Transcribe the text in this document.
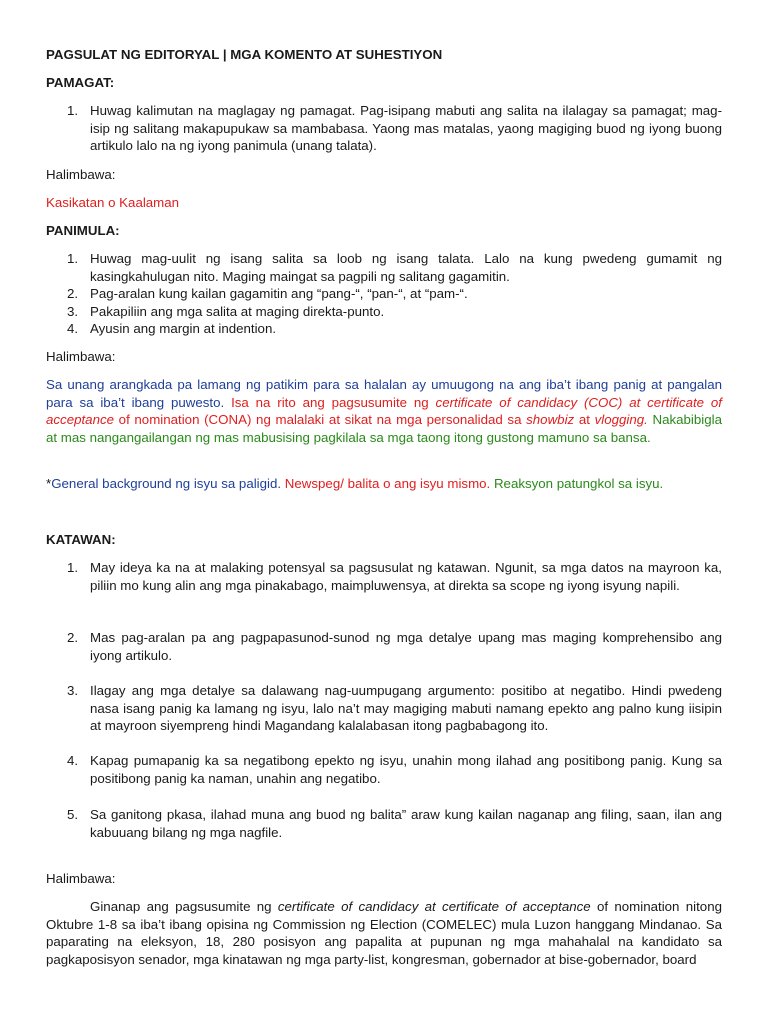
PAGSULAT NG EDITORYAL | MGA KOMENTO AT SUHESTIYON

PAMAGAT:

1. Huwag kalimutan na maglagay ng pamagat. Pag-isipang mabuti ang salita na ilalagay sa pamagat; mag-isip ng salitang makapupukaw sa mambabasa. Yaong mas matalas, yaong magiging buod ng iyong buong artikulo lalo na ng iyong panimula (unang talata).

Halimbawa:

Kasikatan o Kaalaman

PANIMULA:

1. Huwag mag-uulit ng isang salita sa loob ng isang talata. Lalo na kung pwedeng gumamit ng kasingkahulugan nito. Maging maingat sa pagpili ng salitang gagamitin.
2. Pag-aralan kung kailan gagamitin ang “pang-“, “pan-“, at “pam-“.
3. Pakapiliin ang mga salita at maging direkta-punto.
4. Ayusin ang margin at indention.

Halimbawa:

Sa unang arangkada pa lamang ng patikim para sa halalan ay umuugong na ang iba’t ibang panig at pangalan para sa iba’t ibang puwesto. Isa na rito ang pagsusumite ng certificate of candidacy (COC) at certificate of acceptance of nomination (CONA) ng malalaki at sikat na mga personalidad sa showbiz at vlogging. Nakabibigla at mas nangangailangan ng mas mabusising pagkilala sa mga taong itong gustong mamuno sa bansa.

*General background ng isyu sa paligid. Newspeg/ balita o ang isyu mismo. Reaksyon patungkol sa isyu.

KATAWAN:

1. May ideya ka na at malaking potensyal sa pagsusulat ng katawan. Ngunit, sa mga datos na mayroon ka, piliin mo kung alin ang mga pinakabago, maimpluwensya, at direkta sa scope ng iyong isyung napili.
2. Mas pag-aralan pa ang pagpapasunod-sunod ng mga detalye upang mas maging komprehensibo ang iyong artikulo.
3. Ilagay ang mga detalye sa dalawang nag-uumpugang argumento: positibo at negatibo. Hindi pwedeng nasa isang panig ka lamang ng isyu, lalo na’t may magiging mabuti namang epekto ang palno kung iisipin at mayroon siyempreng hindi Magandang kalalabasan itong pagbabagong ito.
4. Kapag pumapanig ka sa negatibong epekto ng isyu, unahin mong ilahad ang positibong panig. Kung sa positibong panig ka naman, unahin ang negatibo.
5. Sa ganitong pkasa, ilahad muna ang buod ng balita” araw kung kailan naganap ang filing, saan, ilan ang kabuuang bilang ng mga nagfile.

Halimbawa:

Ginanap ang pagsusumite ng certificate of candidacy at certificate of acceptance of nomination nitong Oktubre 1-8 sa iba’t ibang opisina ng Commission ng Election (COMELEC) mula Luzon hanggang Mindanao. Sa paparating na eleksyon, 18, 280 posisyon ang papalita at pupunan ng mga mahahalal na kandidato sa pagkaposisyon senador, mga kinatawan ng mga party-list, kongresman, gobernador at bise-gobernador, board
